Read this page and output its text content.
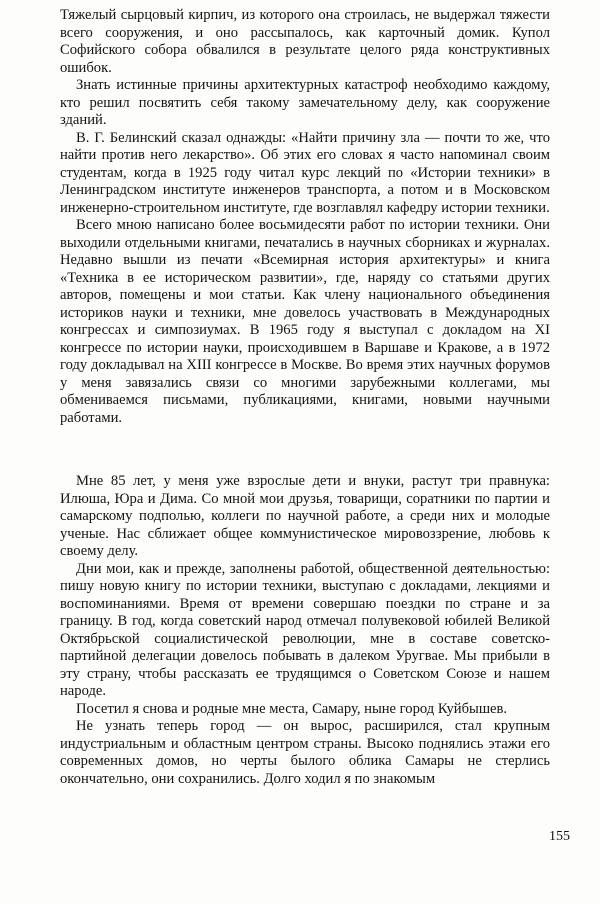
Тяжелый сырцовый кирпич, из которого она строилась, не выдержал тяжести всего сооружения, и оно рассыпалось, как карточный домик. Купол Софийского собора обвалился в результате целого ряда конструктивных ошибок.

Знать истинные причины архитектурных катастроф необходимо каждому, кто решил посвятить себя такому замечательному делу, как сооружение зданий.

В. Г. Белинский сказал однажды: «Найти причину зла — почти то же, что найти против него лекарство». Об этих его словах я часто напоминал своим студентам, когда в 1925 году читал курс лекций по «Истории техники» в Ленинградском институте инженеров транспорта, а потом и в Московском инженерно-строительном институте, где возглавлял кафедру истории техники.

Всего мною написано более восьмидесяти работ по истории техники. Они выходили отдельными книгами, печатались в научных сборниках и журналах. Недавно вышли из печати «Всемирная история архитектуры» и книга «Техника в ее историческом развитии», где, наряду со статьями других авторов, помещены и мои статьи. Как члену национального объединения историков науки и техники, мне довелось участвовать в Международных конгрессах и симпозиумах. В 1965 году я выступал с докладом на XI конгрессе по истории науки, происходившем в Варшаве и Кракове, а в 1972 году докладывал на XIII конгрессе в Москве. Во время этих научных форумов у меня завязались связи со многими зарубежными коллегами, мы обмениваемся письмами, публикациями, книгами, новыми научными работами.

Мне 85 лет, у меня уже взрослые дети и внуки, растут три правнука: Илюша, Юра и Дима. Со мной мои друзья, товарищи, соратники по партии и самарскому подполью, коллеги по научной работе, а среди них и молодые ученые. Нас сближает общее коммунистическое мировоззрение, любовь к своему делу.

Дни мои, как и прежде, заполнены работой, общественной деятельностью: пишу новую книгу по истории техники, выступаю с докладами, лекциями и воспоминаниями. Время от времени совершаю поездки по стране и за границу. В год, когда советский народ отмечал полувековой юбилей Великой Октябрьской социалистической революции, мне в составе советско-партийной делегации довелось побывать в далеком Уругвае. Мы прибыли в эту страну, чтобы рассказать ее трудящимся о Советском Союзе и нашем народе.

Посетил я снова и родные мне места, Самару, ныне город Куйбышев.

Не узнать теперь город — он вырос, расширился, стал крупным индустриальным и областным центром страны. Высоко поднялись этажи его современных домов, но черты былого облика Самары не стерлись окончательно, они сохранились. Долго ходил я по знакомым

155
